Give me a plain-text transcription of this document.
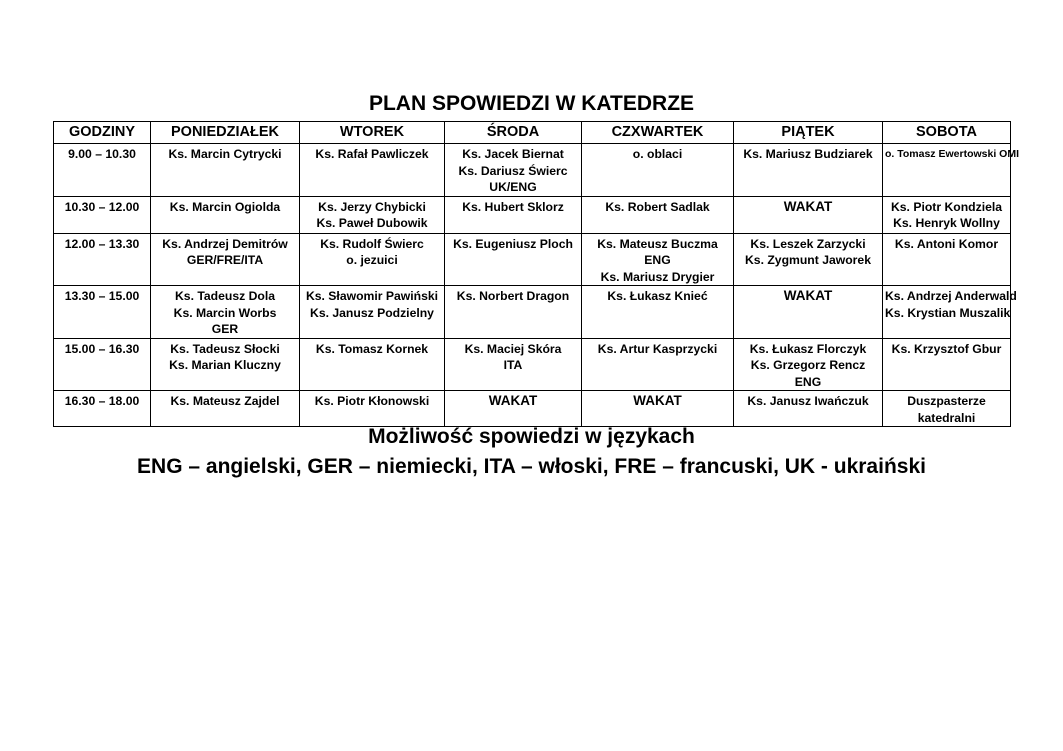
PLAN SPOWIEDZI W KATEDRZE
GODZINY	PONIEDZIAŁEK	WTOREK	ŚRODA	CZXWARTEK	PIĄTEK	SOBOTA
9.00 – 10.30	Ks. Marcin Cytrycki	Ks. Rafał Pawliczek	Ks. Jacek Biernat
Ks. Dariusz Świerc
UK/ENG	o. oblaci	Ks. Mariusz Budziarek	o. Tomasz Ewertowski OMI

10.30 – 12.00	Ks. Marcin Ogiolda	Ks. Jerzy Chybicki
Ks. Paweł Dubowik	Ks. Hubert Sklorz	Ks. Robert Sadlak	WAKAT	Ks. Piotr Kondziela
Ks. Henryk Wollny

12.00 – 13.30	Ks. Andrzej Demitrów
GER/FRE/ITA	Ks. Rudolf Świerc
o. jezuici	Ks. Eugeniusz Ploch	Ks. Mateusz Buczma
ENG
Ks. Mariusz Drygier	Ks. Leszek Zarzycki
Ks. Zygmunt Jaworek	Ks. Antoni Komor

13.30 – 15.00	Ks. Tadeusz Dola
Ks. Marcin Worbs
GER	Ks. Sławomir Pawiński
Ks. Janusz Podzielny	Ks. Norbert Dragon	Ks. Łukasz Knieć	WAKAT	Ks. Andrzej Anderwald
Ks. Krystian Muszalik

15.00 – 16.30	Ks. Tadeusz Słocki
Ks. Marian Kluczny	Ks. Tomasz Kornek	Ks. Maciej Skóra
ITA	Ks. Artur Kasprzycki	Ks. Łukasz Florczyk
Ks. Grzegorz Rencz
ENG	Ks. Krzysztof Gbur

16.30 – 18.00	Ks. Mateusz Zajdel	Ks. Piotr Kłonowski	WAKAT	WAKAT	Ks. Janusz Iwańczuk	Duszpasterze
katedralni
Możliwość spowiedzi w językach
ENG – angielski, GER – niemiecki, ITA – włoski, FRE – francuski, UK - ukraiński
